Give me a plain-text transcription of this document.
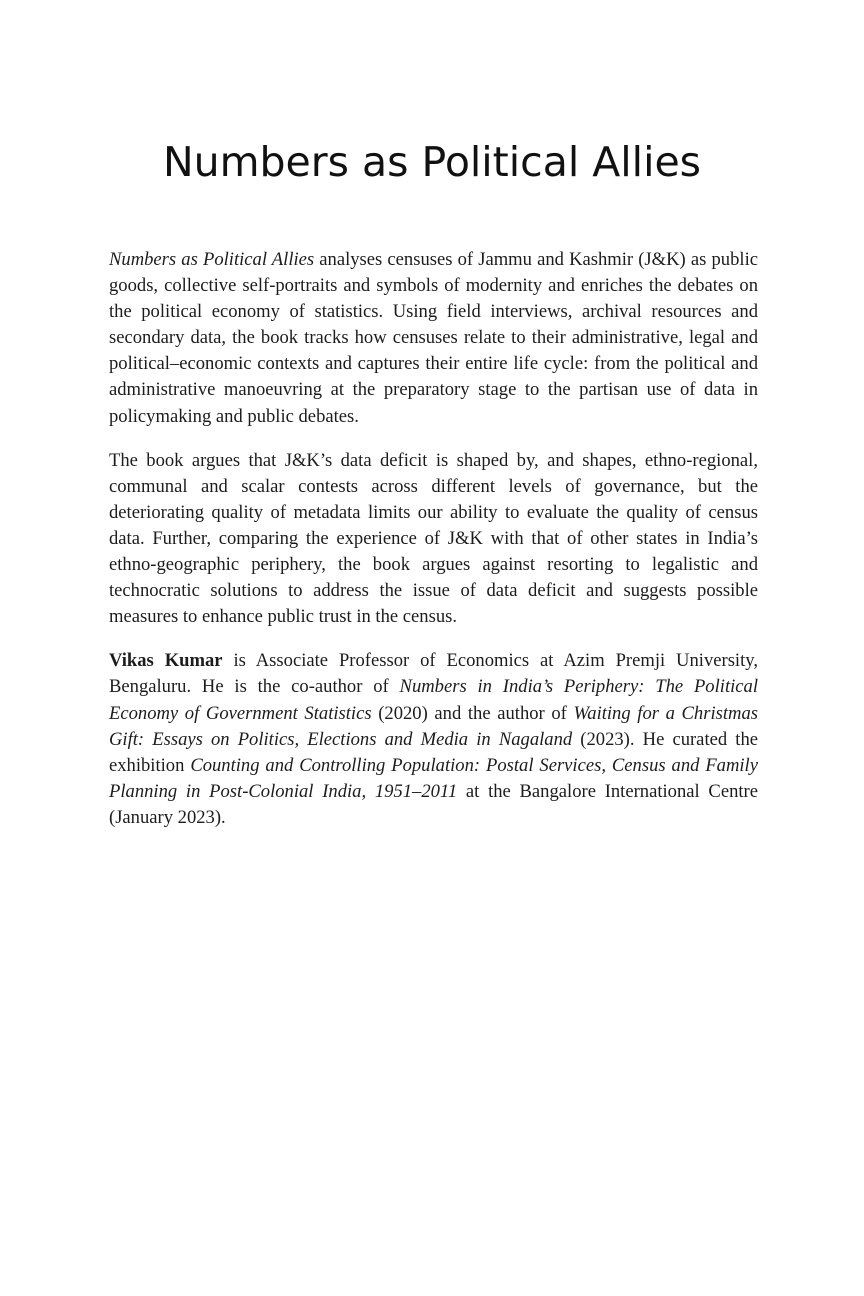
Numbers as Political Allies

Numbers as Political Allies analyses censuses of Jammu and Kashmir (J&K) as public goods, collective self-portraits and symbols of modernity and enriches the debates on the political economy of statistics. Using field interviews, archival resources and secondary data, the book tracks how censuses relate to their administrative, legal and political–economic contexts and captures their entire life cycle: from the political and administrative manoeuvring at the preparatory stage to the partisan use of data in policymaking and public debates.

The book argues that J&K’s data deficit is shaped by, and shapes, ethno-regional, communal and scalar contests across different levels of governance, but the deteriorating quality of metadata limits our ability to evaluate the quality of census data. Further, comparing the experience of J&K with that of other states in India’s ethno-geographic periphery, the book argues against resorting to legalistic and technocratic solutions to address the issue of data deficit and suggests possible measures to enhance public trust in the census.

Vikas Kumar is Associate Professor of Economics at Azim Premji University, Bengaluru. He is the co-author of Numbers in India’s Periphery: The Political Economy of Government Statistics (2020) and the author of Waiting for a Christmas Gift: Essays on Politics, Elections and Media in Nagaland (2023). He curated the exhibition Counting and Controlling Population: Postal Services, Census and Family Planning in Post-Colonial India, 1951–2011 at the Bangalore International Centre (January 2023).
